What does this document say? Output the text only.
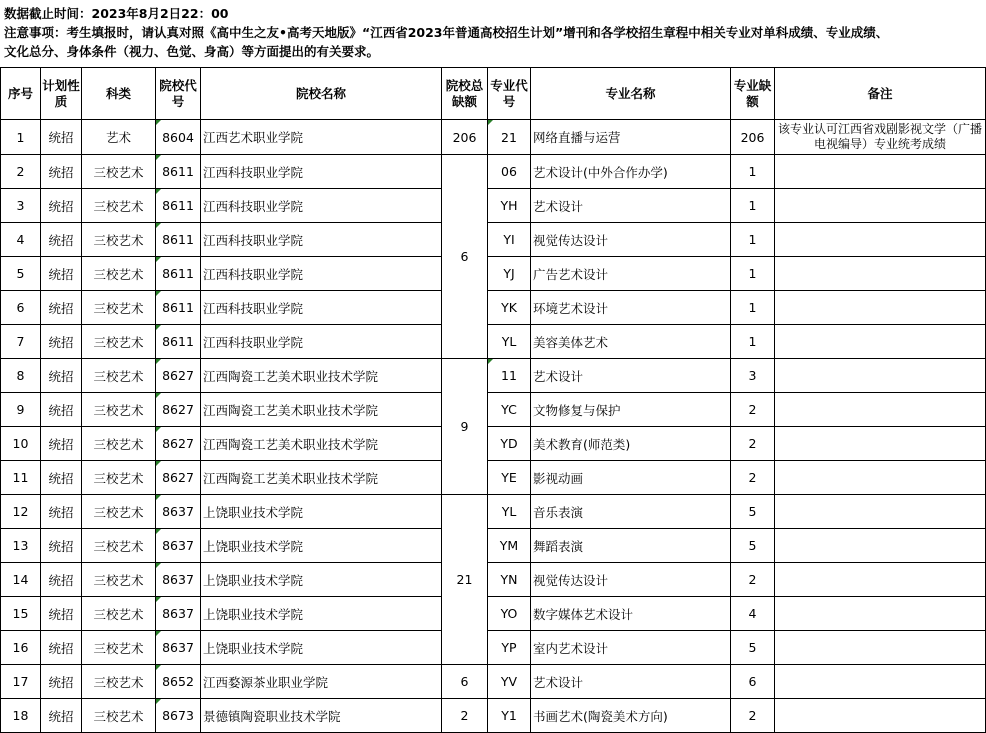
数据截止时间：2023年8月2日22：00
注意事项：考生填报时，请认真对照《高中生之友•高考天地版》“江西省2023年普通高校招生计划”增刊和各学校招生章程中相关专业对单科成绩、专业成绩、
文化总分、身体条件（视力、色觉、身高）等方面提出的有关要求。
序号	计划性质	科类	院校代号	院校名称	院校总缺额	专业代号	专业名称	专业缺额	备注
1	统招	艺术	8604	江西艺术职业学院	206	21	网络直播与运营	206	该专业认可江西省戏剧影视文学（广播电视编导）专业统考成绩
2	统招	三校艺术	8611	江西科技职业学院	6	06	艺术设计(中外合作办学)	1	
3	统招	三校艺术	8611	江西科技职业学院		YH	艺术设计	1	
4	统招	三校艺术	8611	江西科技职业学院		YI	视觉传达设计	1	
5	统招	三校艺术	8611	江西科技职业学院		YJ	广告艺术设计	1	
6	统招	三校艺术	8611	江西科技职业学院		YK	环境艺术设计	1	
7	统招	三校艺术	8611	江西科技职业学院		YL	美容美体艺术	1	
8	统招	三校艺术	8627	江西陶瓷工艺美术职业技术学院	9	11	艺术设计	3	
9	统招	三校艺术	8627	江西陶瓷工艺美术职业技术学院		YC	文物修复与保护	2	
10	统招	三校艺术	8627	江西陶瓷工艺美术职业技术学院		YD	美术教育(师范类)	2	
11	统招	三校艺术	8627	江西陶瓷工艺美术职业技术学院		YE	影视动画	2	
12	统招	三校艺术	8637	上饶职业技术学院	21	YL	音乐表演	5	
13	统招	三校艺术	8637	上饶职业技术学院		YM	舞蹈表演	5	
14	统招	三校艺术	8637	上饶职业技术学院		YN	视觉传达设计	2	
15	统招	三校艺术	8637	上饶职业技术学院		YO	数字媒体艺术设计	4	
16	统招	三校艺术	8637	上饶职业技术学院		YP	室内艺术设计	5	
17	统招	三校艺术	8652	江西婺源茶业职业学院	6	YV	艺术设计	6	
18	统招	三校艺术	8673	景德镇陶瓷职业技术学院	2	Y1	书画艺术(陶瓷美术方向)	2	
